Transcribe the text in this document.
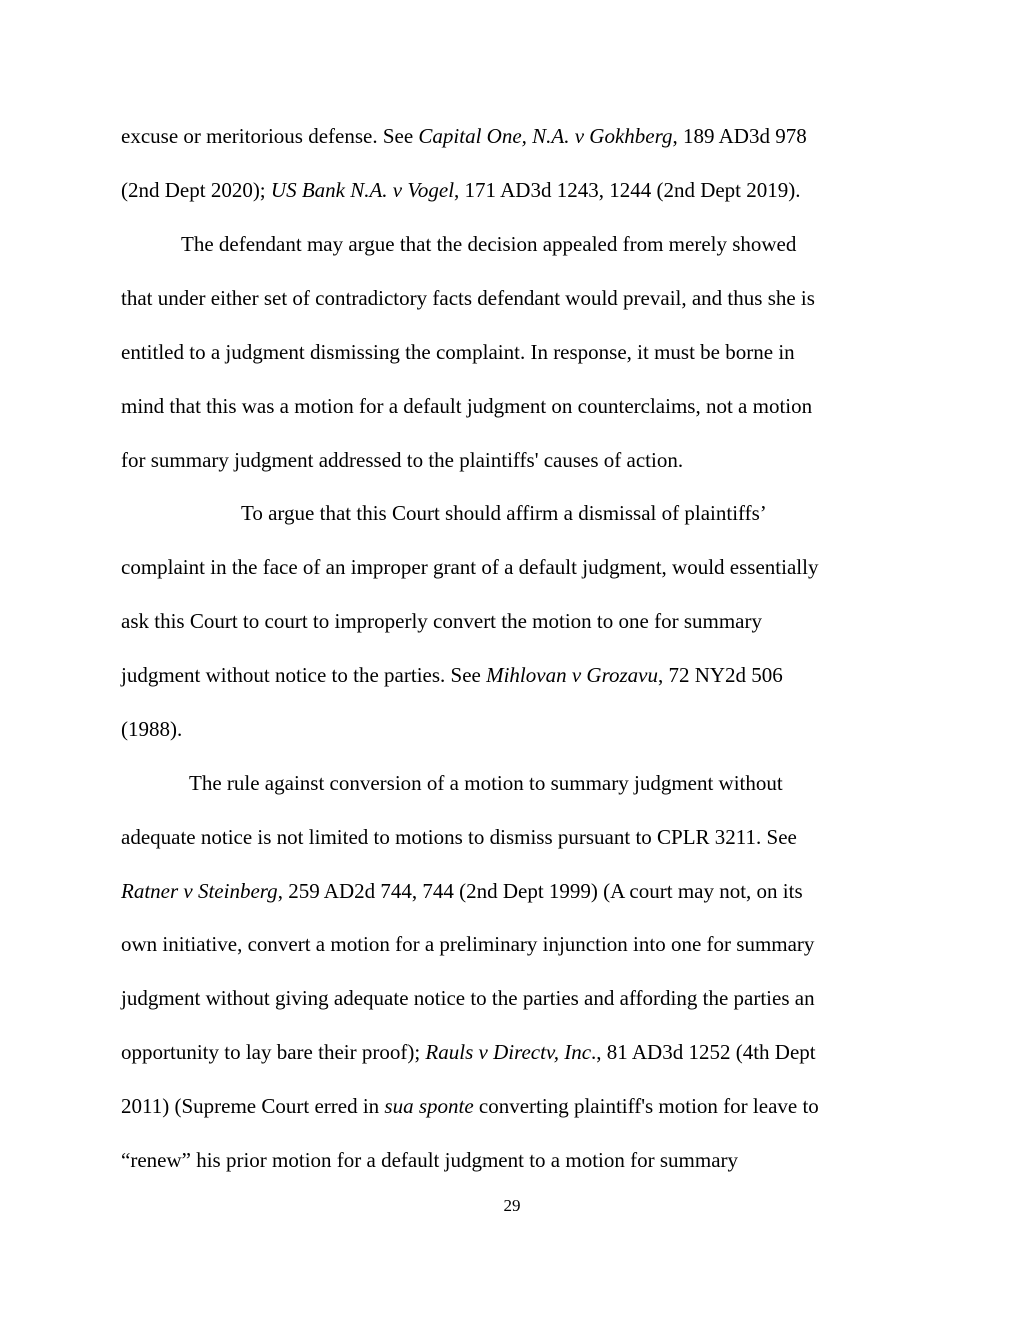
excuse or meritorious defense. See Capital One, N.A. v Gokhberg, 189 AD3d 978

(2nd Dept 2020); US Bank N.A. v Vogel, 171 AD3d 1243, 1244 (2nd Dept 2019).

The defendant may argue that the decision appealed from merely showed

that under either set of contradictory facts defendant would prevail, and thus she is

entitled to a judgment dismissing the complaint. In response, it must be borne in

mind that this was a motion for a default judgment on counterclaims, not a motion

for summary judgment addressed to the plaintiffs' causes of action.

To argue that this Court should affirm a dismissal of plaintiffs’

complaint in the face of an improper grant of a default judgment, would essentially

ask this Court to court to improperly convert the motion to one for summary

judgment without notice to the parties. See Mihlovan v Grozavu, 72 NY2d 506

(1988).

The rule against conversion of a motion to summary judgment without

adequate notice is not limited to motions to dismiss pursuant to CPLR 3211. See

Ratner v Steinberg, 259 AD2d 744, 744 (2nd Dept 1999) (A court may not, on its

own initiative, convert a motion for a preliminary injunction into one for summary

judgment without giving adequate notice to the parties and affording the parties an

opportunity to lay bare their proof); Rauls v Directv, Inc., 81 AD3d 1252 (4th Dept

2011) (Supreme Court erred in sua sponte converting plaintiff's motion for leave to

“renew” his prior motion for a default judgment to a motion for summary

29
